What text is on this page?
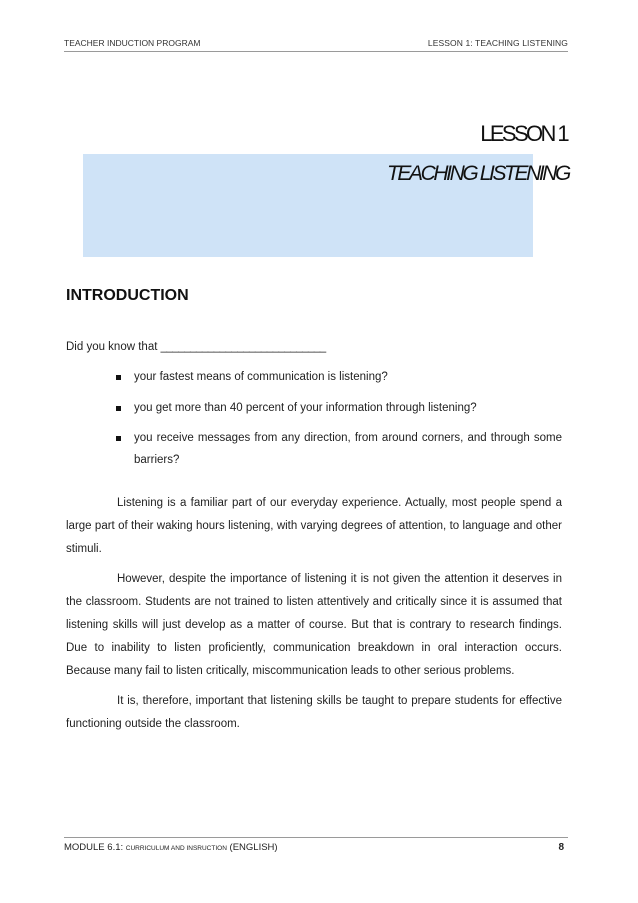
TEACHER INDUCTION PROGRAM	LESSON 1: TEACHING LISTENING
LESSON 1
TEACHING LISTENING
INTRODUCTION
Did you know that ____________________________
your fastest means of communication is listening?
you get more than 40 percent of your information through listening?
you receive messages from any direction, from around corners, and through some barriers?

Listening is a familiar part of our everyday experience. Actually, most people spend a large part of their waking hours listening, with varying degrees of attention, to language and other stimuli.

However, despite the importance of listening it is not given the attention it deserves in the classroom. Students are not trained to listen attentively and critically since it is assumed that listening skills will just develop as a matter of course. But that is contrary to research findings. Due to inability to listen proficiently, communication breakdown in oral interaction occurs. Because many fail to listen critically, miscommunication leads to other serious problems.

It is, therefore, important that listening skills be taught to prepare students for effective functioning outside the classroom.

MODULE 6.1: CURRICULUM AND INSRUCTION (ENGLISH)	8
